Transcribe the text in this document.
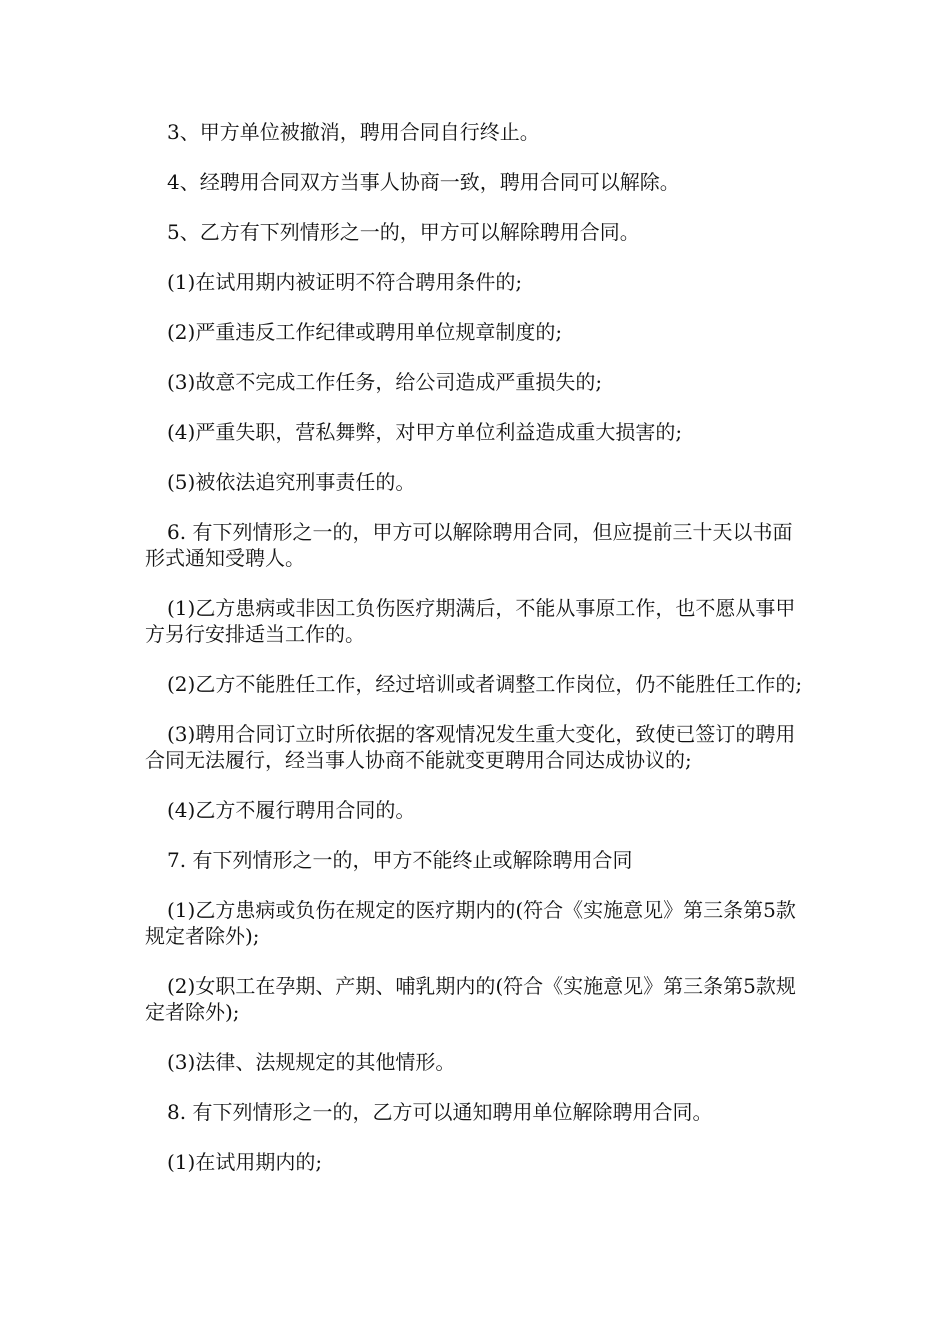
3、甲方单位被撤消，聘用合同自行终止。

4、经聘用合同双方当事人协商一致，聘用合同可以解除。

5、乙方有下列情形之一的，甲方可以解除聘用合同。

(1)在试用期内被证明不符合聘用条件的;

(2)严重违反工作纪律或聘用单位规章制度的;

(3)故意不完成工作任务，给公司造成严重损失的;

(4)严重失职，营私舞弊，对甲方单位利益造成重大损害的;

(5)被依法追究刑事责任的。

6. 有下列情形之一的，甲方可以解除聘用合同，但应提前三十天以书面形式通知受聘人。

(1)乙方患病或非因工负伤医疗期满后，不能从事原工作，也不愿从事甲方另行安排适当工作的。

(2)乙方不能胜任工作，经过培训或者调整工作岗位，仍不能胜任工作的;

(3)聘用合同订立时所依据的客观情况发生重大变化，致使已签订的聘用合同无法履行，经当事人协商不能就变更聘用合同达成协议的;

(4)乙方不履行聘用合同的。

7. 有下列情形之一的，甲方不能终止或解除聘用合同

(1)乙方患病或负伤在规定的医疗期内的(符合《实施意见》第三条第5款规定者除外);

(2)女职工在孕期、产期、哺乳期内的(符合《实施意见》第三条第5款规定者除外);

(3)法律、法规规定的其他情形。

8. 有下列情形之一的，乙方可以通知聘用单位解除聘用合同。

(1)在试用期内的;
